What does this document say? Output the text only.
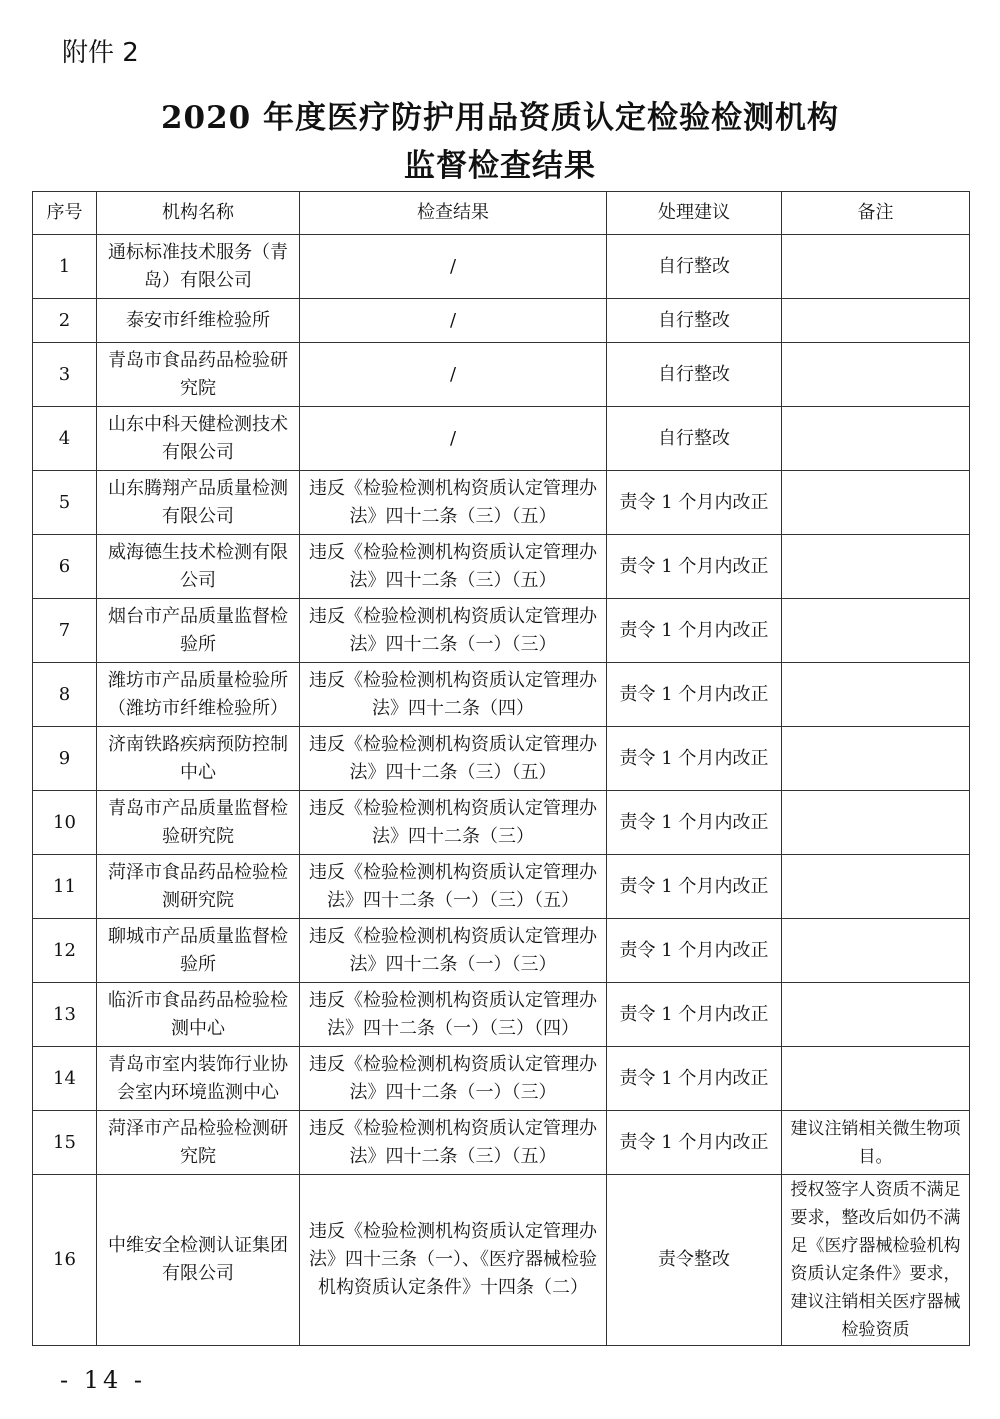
附件 2
2020 年度医疗防护用品资质认定检验检测机构
监督检查结果
序号	机构名称	检查结果	处理建议	备注
1	通标标准技术服务（青岛）有限公司	/	自行整改	
2	泰安市纤维检验所	/	自行整改	
3	青岛市食品药品检验研究院	/	自行整改	
4	山东中科天健检测技术有限公司	/	自行整改	
5	山东腾翔产品质量检测有限公司	违反《检验检测机构资质认定管理办法》四十二条（三）（五）	责令 1 个月内改正	
6	威海德生技术检测有限公司	违反《检验检测机构资质认定管理办法》四十二条（三）（五）	责令 1 个月内改正	
7	烟台市产品质量监督检验所	违反《检验检测机构资质认定管理办法》四十二条（一）（三）	责令 1 个月内改正	
8	潍坊市产品质量检验所（潍坊市纤维检验所）	违反《检验检测机构资质认定管理办法》四十二条（四）	责令 1 个月内改正	
9	济南铁路疾病预防控制中心	违反《检验检测机构资质认定管理办法》四十二条（三）（五）	责令 1 个月内改正	
10	青岛市产品质量监督检验研究院	违反《检验检测机构资质认定管理办法》四十二条（三）	责令 1 个月内改正	
11	菏泽市食品药品检验检测研究院	违反《检验检测机构资质认定管理办法》四十二条（一）（三）（五）	责令 1 个月内改正	
12	聊城市产品质量监督检验所	违反《检验检测机构资质认定管理办法》四十二条（一）（三）	责令 1 个月内改正	
13	临沂市食品药品检验检测中心	违反《检验检测机构资质认定管理办法》四十二条（一）（三）（四）	责令 1 个月内改正	
14	青岛市室内装饰行业协会室内环境监测中心	违反《检验检测机构资质认定管理办法》四十二条（一）（三）	责令 1 个月内改正	
15	菏泽市产品检验检测研究院	违反《检验检测机构资质认定管理办法》四十二条（三）（五）	责令 1 个月内改正	建议注销相关微生物项目。
16	中维安全检测认证集团有限公司	违反《检验检测机构资质认定管理办法》四十三条（一）、《医疗器械检验机构资质认定条件》十四条（二）	责令整改	授权签字人资质不满足要求，整改后如仍不满足《医疗器械检验机构资质认定条件》要求，建议注销相关医疗器械检验资质
- 14 -
